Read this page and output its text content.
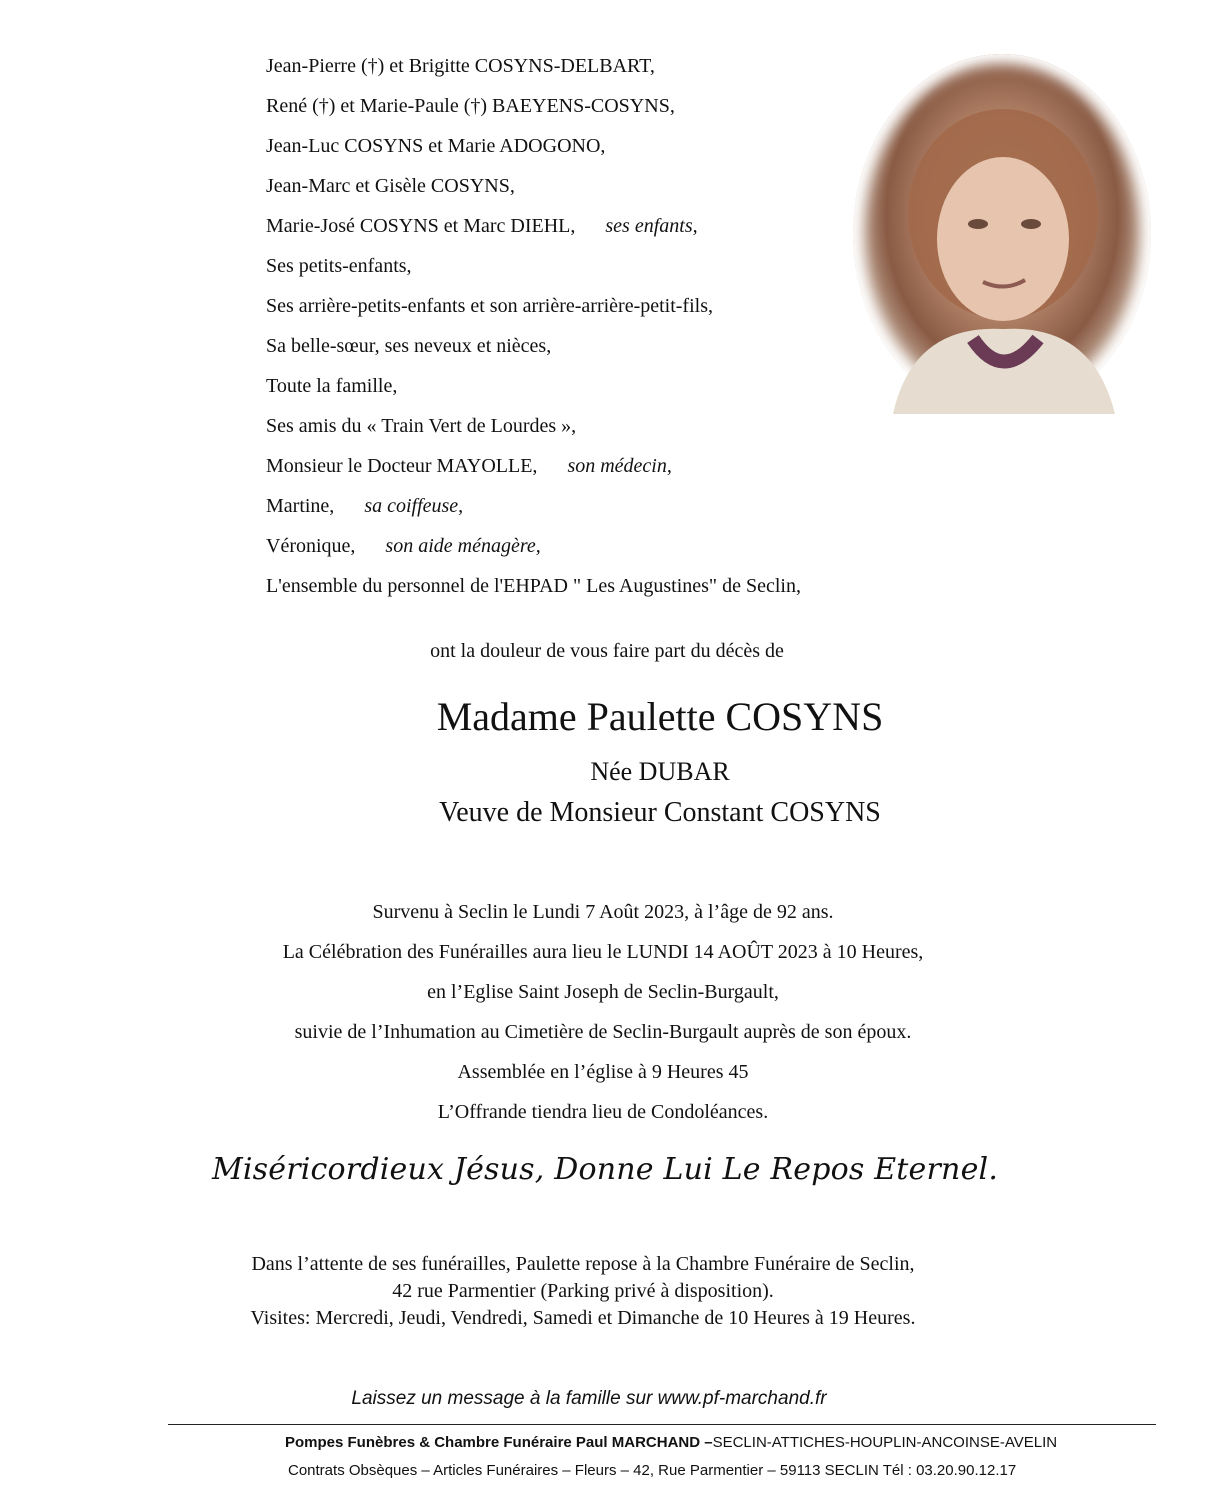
Jean-Pierre (†) et Brigitte COSYNS-DELBART,
René (†) et Marie-Paule (†) BAEYENS-COSYNS,
Jean-Luc COSYNS et Marie ADOGONO,
Jean-Marc et Gisèle COSYNS,
Marie-José COSYNS et Marc DIEHL, ses enfants,
Ses petits-enfants,
Ses arrière-petits-enfants et son arrière-arrière-petit-fils,
Sa belle-sœur, ses neveux et nièces,
Toute la famille,
Ses amis du « Train Vert de Lourdes »,
Monsieur le Docteur MAYOLLE, son médecin,
Martine, sa coiffeuse,
Véronique, son aide ménagère,
L'ensemble du personnel de l'EHPAD " Les Augustines" de Seclin,
ont la douleur de vous faire part du décès de
Madame Paulette COSYNS
Née DUBAR
Veuve de Monsieur Constant COSYNS
Survenu à Seclin le Lundi 7 Août 2023, à l’âge de 92 ans.
La Célébration des Funérailles aura lieu le LUNDI 14 AOÛT 2023 à 10 Heures,
en l’Eglise Saint Joseph de Seclin-Burgault,
suivie de l’Inhumation au Cimetière de Seclin-Burgault auprès de son époux.
Assemblée en l’église à 9 Heures 45
L’Offrande tiendra lieu de Condoléances.
Miséricordieux Jésus, Donne Lui Le Repos Eternel.
Dans l’attente de ses funérailles, Paulette repose à la Chambre Funéraire de Seclin,
42 rue Parmentier (Parking privé à disposition).
Visites: Mercredi, Jeudi, Vendredi, Samedi et Dimanche de 10 Heures à 19 Heures.
Laissez un message à la famille sur www.pf-marchand.fr
Pompes Funèbres & Chambre Funéraire Paul MARCHAND –SECLIN-ATTICHES-HOUPLIN-ANCOINSE-AVELIN
Contrats Obsèques – Articles Funéraires – Fleurs – 42, Rue Parmentier – 59113 SECLIN Tél : 03.20.90.12.17
